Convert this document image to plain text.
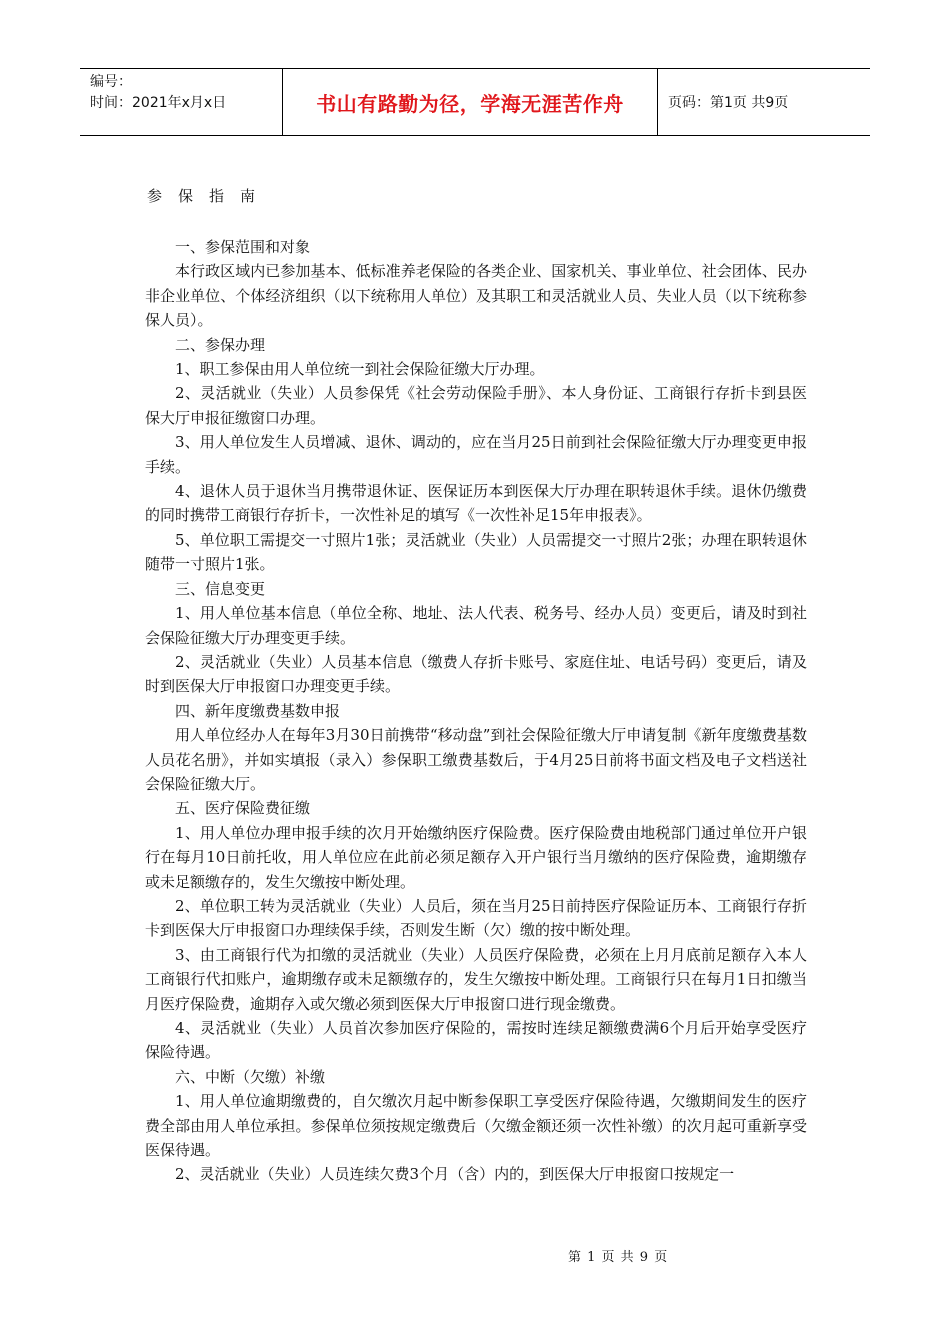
编号：
时间：2021年x月x日	书山有路勤为径，学海无涯苦作舟	页码：第1页 共9页
参保指南

一、参保范围和对象

本行政区域内已参加基本、低标准养老保险的各类企业、国家机关、事业单位、社会团体、民办非企业单位、个体经济组织（以下统称用人单位）及其职工和灵活就业人员、失业人员（以下统称参保人员）。

二、参保办理

1、职工参保由用人单位统一到社会保险征缴大厅办理。

2、灵活就业（失业）人员参保凭《社会劳动保险手册》、本人身份证、工商银行存折卡到县医保大厅申报征缴窗口办理。

3、用人单位发生人员增减、退休、调动的，应在当月25日前到社会保险征缴大厅办理变更申报手续。

4、退休人员于退休当月携带退休证、医保证历本到医保大厅办理在职转退休手续。退休仍缴费的同时携带工商银行存折卡，一次性补足的填写《一次性补足15年申报表》。

5、单位职工需提交一寸照片1张；灵活就业（失业）人员需提交一寸照片2张；办理在职转退休随带一寸照片1张。

三、信息变更

1、用人单位基本信息（单位全称、地址、法人代表、税务号、经办人员）变更后，请及时到社会保险征缴大厅办理变更手续。

2、灵活就业（失业）人员基本信息（缴费人存折卡账号、家庭住址、电话号码）变更后，请及时到医保大厅申报窗口办理变更手续。

四、新年度缴费基数申报

用人单位经办人在每年3月30日前携带“移动盘”到社会保险征缴大厅申请复制《新年度缴费基数人员花名册》，并如实填报（录入）参保职工缴费基数后，于4月25日前将书面文档及电子文档送社会保险征缴大厅。

五、医疗保险费征缴

1、用人单位办理申报手续的次月开始缴纳医疗保险费。医疗保险费由地税部门通过单位开户银行在每月10日前托收，用人单位应在此前必须足额存入开户银行当月缴纳的医疗保险费，逾期缴存或未足额缴存的，发生欠缴按中断处理。

2、单位职工转为灵活就业（失业）人员后，须在当月25日前持医疗保险证历本、工商银行存折卡到医保大厅申报窗口办理续保手续，否则发生断（欠）缴的按中断处理。

3、由工商银行代为扣缴的灵活就业（失业）人员医疗保险费，必须在上月月底前足额存入本人工商银行代扣账户，逾期缴存或未足额缴存的，发生欠缴按中断处理。工商银行只在每月1日扣缴当月医疗保险费，逾期存入或欠缴必须到医保大厅申报窗口进行现金缴费。

4、灵活就业（失业）人员首次参加医疗保险的，需按时连续足额缴费满6个月后开始享受医疗保险待遇。

六、中断（欠缴）补缴

1、用人单位逾期缴费的，自欠缴次月起中断参保职工享受医疗保险待遇，欠缴期间发生的医疗费全部由用人单位承担。参保单位须按规定缴费后（欠缴金额还须一次性补缴）的次月起可重新享受医保待遇。

2、灵活就业（失业）人员连续欠费3个月（含）内的，到医保大厅申报窗口按规定一

第 1 页 共 9 页
